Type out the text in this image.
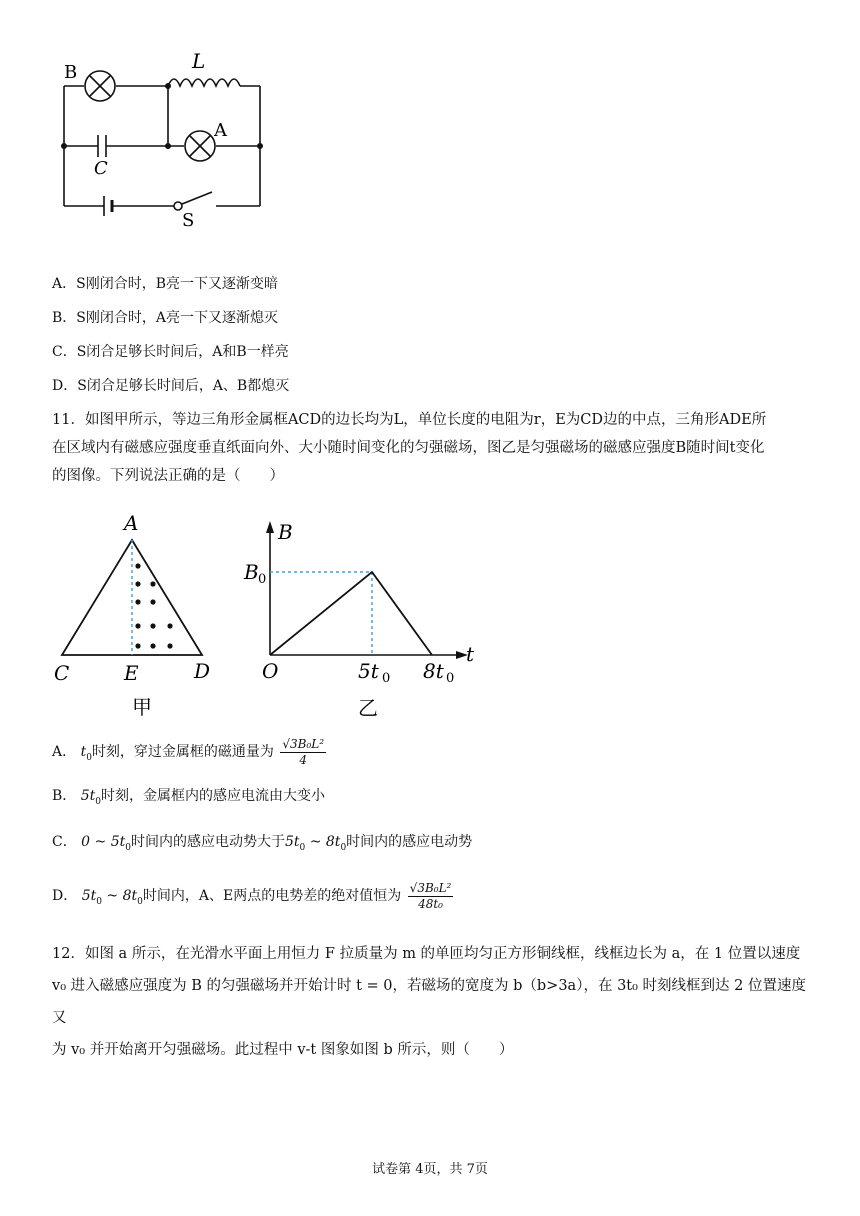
B	L
A
C
S
A．S刚闭合时，B亮一下又逐渐变暗
B．S刚闭合时，A亮一下又逐渐熄灭
C．S闭合足够长时间后，A和B一样亮
D．S闭合足够长时间后，A、B都熄灭
11．如图甲所示，等边三角形金属框ACD的边长均为L，单位长度的电阻为r，E为CD边的中点，三角形ADE所
在区域内有磁感应强度垂直纸面向外、大小随时间变化的匀强磁场，图乙是匀强磁场的磁感应强度B随时间t变化
的图像。下列说法正确的是（　　）
A
C	E	D
甲
B
t
B 0
O	5t 0 8t 0
乙
A． $t_0$时刻，穿过金属框的磁通量为 $\frac{\text{√3B₀L²}}{4}$
B． $5t_0$时刻，金属框内的感应电流由大变小
C． 0 ~ $5t_0$时间内的感应电动势大于$5t_0$ ~ $8t_0$时间内的感应电动势
D． $5t_0$ ~ $8t_0$时间内，A、E两点的电势差的绝对值恒为 $\frac{\text{√3B₀L²}}{\text{48t₀}}$
12．如图 a 所示，在光滑水平面上用恒力 F 拉质量为 m 的单匝均匀正方形铜线框，线框边长为 a，在 1 位置以速度
v₀ 进入磁感应强度为 B 的匀强磁场并开始计时 t = 0，若磁场的宽度为 b（b>3a），在 3t₀ 时刻线框到达 2 位置速度又
为 v₀ 并开始离开匀强磁场。此过程中 v-t 图象如图 b 所示，则（　　）
试卷第 4页，共 7页
